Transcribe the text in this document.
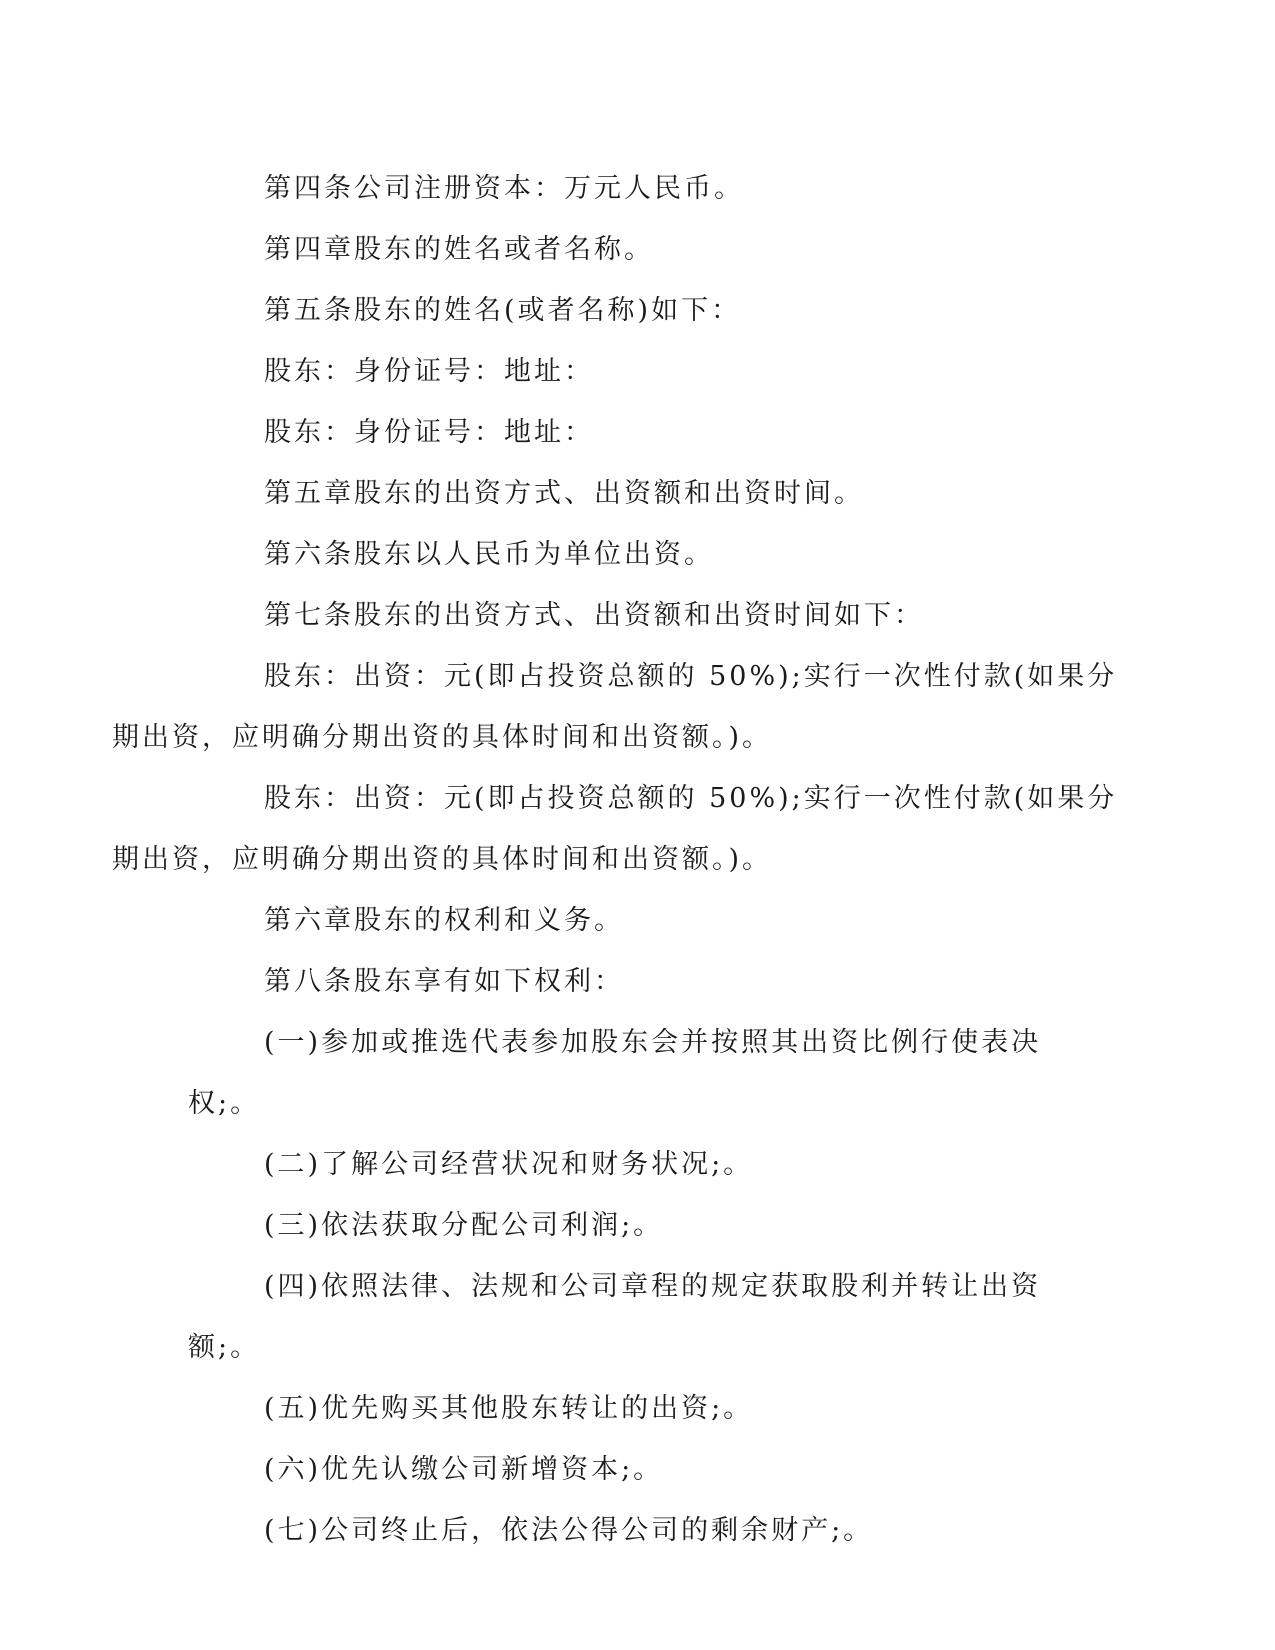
第四条公司注册资本：万元人民币。

第四章股东的姓名或者名称。

第五条股东的姓名(或者名称)如下：

股东：身份证号：地址：

股东：身份证号：地址：

第五章股东的出资方式、出资额和出资时间。

第六条股东以人民币为单位出资。

第七条股东的出资方式、出资额和出资时间如下：

股东：出资：元(即占投资总额的 50%);实行一次性付款(如果分
期出资，应明确分期出资的具体时间和出资额。)。

股东：出资：元(即占投资总额的 50%);实行一次性付款(如果分
期出资，应明确分期出资的具体时间和出资额。)。

第六章股东的权利和义务。

第八条股东享有如下权利：

(一)参加或推选代表参加股东会并按照其出资比例行使表决权;。

(二)了解公司经营状况和财务状况;。

(三)依法获取分配公司利润;。

(四)依照法律、法规和公司章程的规定获取股利并转让出资额;。

(五)优先购买其他股东转让的出资;。

(六)优先认缴公司新增资本;。

(七)公司终止后，依法公得公司的剩余财产;。
